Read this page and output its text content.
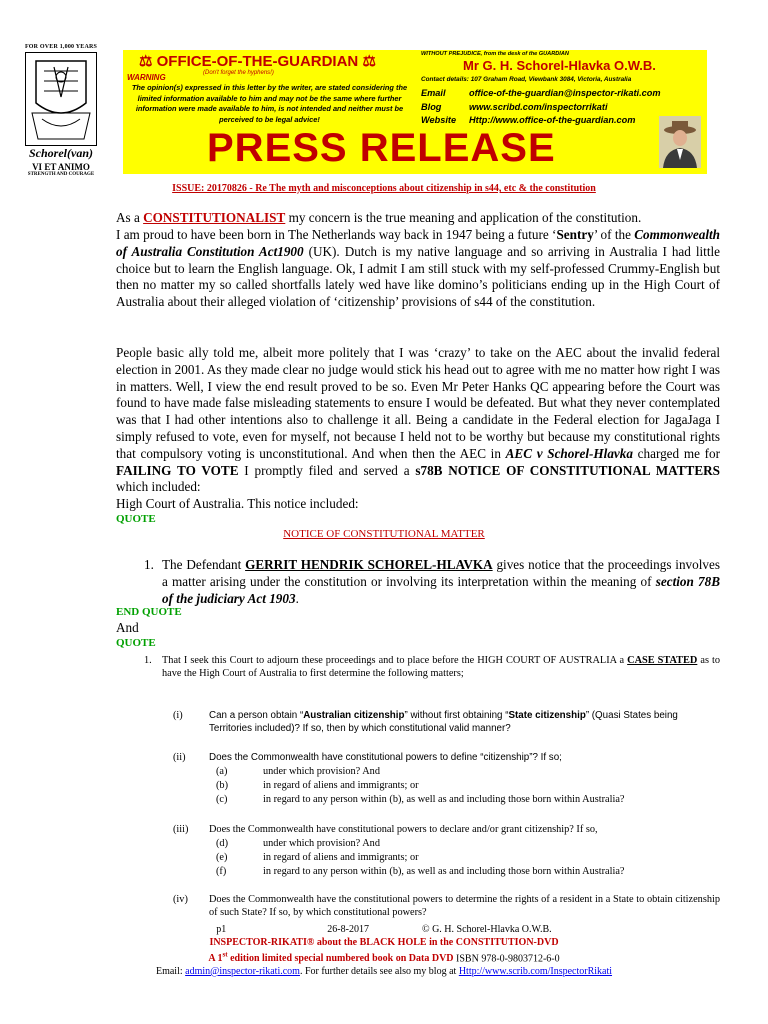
FOR OVER 1,000 YEARS
Schorel(van)
VI ET ANIMO
STRENGTH AND COURAGE
⚖ OFFICE-OF-THE-GUARDIAN ⚖
(Don't forget the hyphens!)
WARNING
The opinion(s) expressed in this letter by the writer, are stated considering the limited information available to him and may not be the same where further information were made available to him, is not intended and neither must be perceived to be legal advice!
WITHOUT PREJUDICE, from the desk of the GUARDIAN
Mr G. H. Schorel-Hlavka O.W.B.
Contact details: 107 Graham Road, Viewbank 3084, Victoria, Australia
Email	office-of-the-guardian@inspector-rikati.com
Blog	www.scribd.com/inspectorrikati
Website Http://www.office-of-the-guardian.com
PRESS RELEASE
ISSUE: 20170826 - Re The myth and misconceptions about citizenship in s44, etc & the constitution
As a CONSTITUTIONALIST my concern is the true meaning and application of the constitution.
I am proud to have been born in The Netherlands way back in 1947 being a future ‘Sentry’ of the Commonwealth of Australia Constitution Act1900 (UK). Dutch is my native language and so arriving in Australia I had little choice but to learn the English language. Ok, I admit I am still stuck with my self-professed Crummy-English but then no matter my so called shortfalls lately wed have like domino’s politicians ending up in the High Court of Australia about their alleged violation of ‘citizenship’ provisions of s44 of the constitution.
People basic ally told me, albeit more politely that I was ‘crazy’ to take on the AEC about the invalid federal election in 2001. As they made clear no judge would stick his head out to agree with me no matter how right I was in matters. Well, I view the end result proved to be so. Even Mr Peter Hanks QC appearing before the Court was found to have made false misleading statements to ensure I would be defeated. But what they never contemplated was that I had other intentions also to challenge it all. Being a candidate in the Federal election for JagaJaga I simply refused to vote, even for myself, not because I held not to be worthy but because my constitutional rights that compulsory voting is unconstitutional. And when then the AEC in AEC v Schorel-Hlavka charged me for FAILING TO VOTE I promptly filed and served a s78B NOTICE OF CONSTITUTIONAL MATTERS which included:
High Court of Australia. This notice included:
QUOTE
NOTICE OF CONSTITUTIONAL MATTER
1. The Defendant GERRIT HENDRIK SCHOREL-HLAVKA gives notice that the proceedings involves a matter arising under the constitution or involving its interpretation within the meaning of section 78B of the judiciary Act 1903.
END QUOTE
And
QUOTE
1. That I seek this Court to adjourn these proceedings and to place before the HIGH COURT OF AUSTRALIA a CASE STATED as to have the High Court of Australia to first determine the following matters;
(i)	Can a person obtain “Australian citizenship” without first obtaining “State citizenship” (Quasi States being Territories included)? If so, then by which constitutional valid manner?
(ii) Does the Commonwealth have constitutional powers to define “citizenship”? If so;
(a)	under which provision? And
(b)	in regard of aliens and immigrants; or
(c)	in regard to any person within (b), as well as and including those born within Australia?
(iii) Does the Commonwealth have constitutional powers to declare and/or grant citizenship? If so,
(d)	under which provision? And
(e)	in regard of aliens and immigrants; or
(f)	in regard to any person within (b), as well as and including those born within Australia?
(iv) Does the Commonwealth have the constitutional powers to determine the rights of a resident in a State to obtain citizenship of such State? If so, by which constitutional powers?
p1	26-8-2017	© G. H. Schorel-Hlavka O.W.B.
INSPECTOR-RIKATI® about the BLACK HOLE in the CONSTITUTION-DVD
A 1st edition limited special numbered book on Data DVD ISBN 978-0-9803712-6-0
Email: admin@inspector-rikati.com. For further details see also my blog at Http://www.scrib.com/InspectorRikati
